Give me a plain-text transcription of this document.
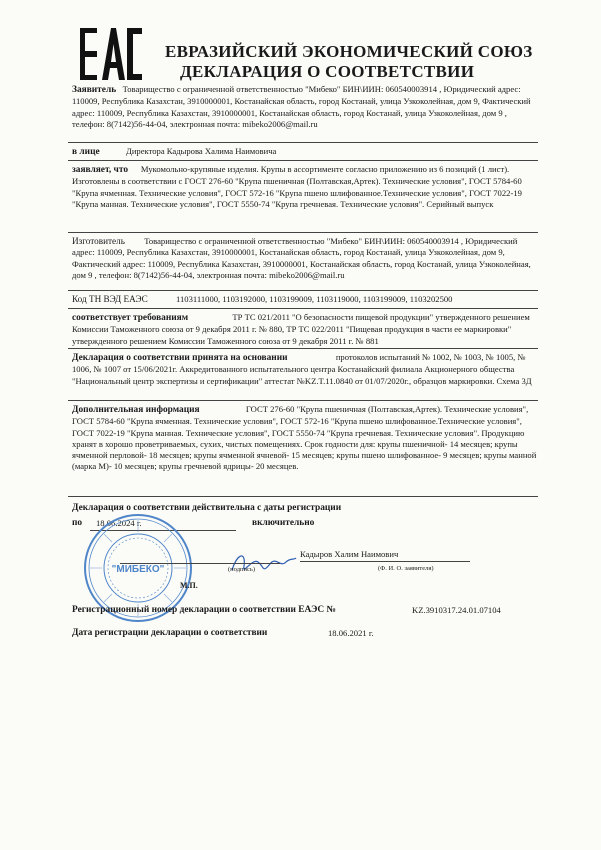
ЕВРАЗИЙСКИЙ ЭКОНОМИЧЕСКИЙ СОЮЗ
ДЕКЛАРАЦИЯ О СООТВЕТСТВИИ
Заявитель Товарищество с ограниченной ответственностью "Мибеко" БИН\ИИН: 060540003914 , Юридический адрес: 110009, Республика Казахстан, 3910000001, Костанайская область, город Костанай, улица Узкоколейная, дом 9, Фактический адрес: 110009, Республика Казахстан, 3910000001, Костанайская область, город Костанай, улица Узкоколейная, дом 9 , телефон: 8(7142)56-44-04, электронная почта: mibeko2006@mail.ru
в лице	Директора Кадырова Халима Наимовича
заявляет, что Мукомольно-крупяные изделия. Крупы в ассортименте согласно приложению из 6 позиций (1 лист). Изготовлены в соответствии с ГОСТ 276-60 "Крупа пшеничная (Полтавская,Артек). Технические условия", ГОСТ 5784-60 "Крупа ячменная. Технические условия", ГОСТ 572-16 "Крупа пшено шлифованное.Технические условия", ГОСТ 7022-19 "Крупа манная. Технические условия", ГОСТ 5550-74 "Крупа гречневая. Технические условия". Серийный выпуск
Изготовитель Товарищество с ограниченной ответственностью "Мибеко" БИН\ИИН: 060540003914 , Юридический адрес: 110009, Республика Казахстан, 3910000001, Костанайская область, город Костанай, улица Узкоколейная, дом 9, Фактический адрес: 110009, Республика Казахстан, 3910000001, Костанайская область, город Костанай, улица Узкоколейная, дом 9 , телефон: 8(7142)56-44-04, электронная почта: mibeko2006@mail.ru
Код ТН ВЭД ЕАЭС	1103111000, 1103192000, 1103199009, 1103119000, 1103199009, 1103202500
соответствует требованиям	ТР ТС 021/2011 "О безопасности пищевой продукции" утвержденного решением Комиссии Таможенного союза от 9 декабря 2011 г. № 880, ТР ТС 022/2011 "Пищевая продукция в части ее маркировки" утвержденного решением Комиссии Таможенного союза от 9 декабря 2011 г. № 881
Декларация о соответствии принята на основании	протоколов испытаний № 1002, № 1003, № 1005, № 1006, № 1007 от 15/06/2021г. Аккредитованного испытательного центра Костанайский филиала Акционерного общества "Национальный центр экспертизы и сертификации" аттестат №KZ.T.11.0840 от 01/07/2020г., образцов маркировки. Схема 3Д
Дополнительная информация	ГОСТ 276-60 "Крупа пшеничная (Полтавская,Артек). Технические условия", ГОСТ 5784-60 "Крупа ячменная. Технические условия", ГОСТ 572-16 "Крупа пшено шлифованное.Технические условия", ГОСТ 7022-19 "Крупа манная. Технические условия", ГОСТ 5550-74 "Крупа гречневая. Технические условия". Продукцию хранят в хорошо проветриваемых, сухих, чистых помещениях. Срок годности для: крупы пшеничной- 14 месяцев; крупы ячменной перловой- 18 месяцев; крупы ячменной ячневой- 15 месяцев; крупы пшено шлифованное- 9 месяцев; крупы манной (марка М)- 10 месяцев; крупы гречневой ядрицы- 20 месяцев.
Декларация о соответствии действительна с даты регистрации
по 18.06.2024 г.	включительно
"МИБЕКО"	(подпись)
М.П.
Кадыров Халим Наимович
(Ф. И. О. заявителя)
Регистрационный номер декларации о соответствии ЕАЭС №	KZ.3910317.24.01.07104
Дата регистрации декларации о соответствии	18.06.2021 г.
